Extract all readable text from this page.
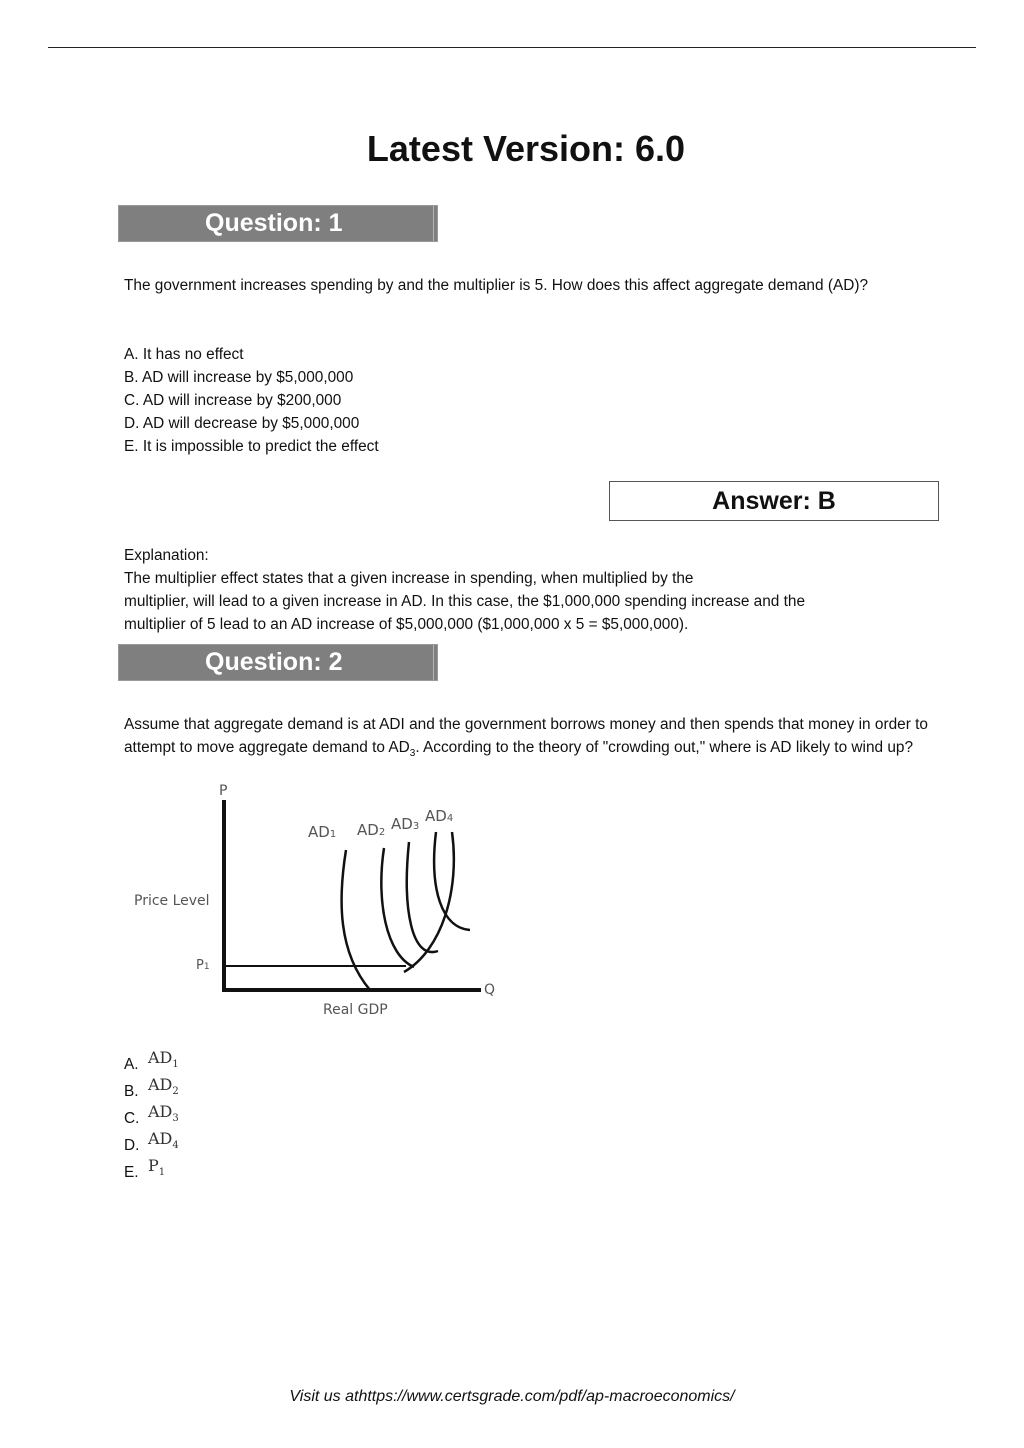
Latest Version: 6.0
Question: 1
The government increases spending by and the multiplier is 5. How does this affect aggregate demand (AD)?
A. It has no effect
B. AD will increase by $5,000,000
C. AD will increase by $200,000
D. AD will decrease by $5,000,000
E. It is impossible to predict the effect
Answer: B
Explanation:
The multiplier effect states that a given increase in spending, when multiplied by the
multiplier, will lead to a given increase in AD. In this case, the $1,000,000 spending increase and the
multiplier of 5 lead to an AD increase of $5,000,000 ($1,000,000 x 5 = $5,000,000).
Question: 2
Assume that aggregate demand is at ADI and the government borrows money and then spends that money in order to attempt to move aggregate demand to $AD_3$. According to the theory of "crowding out," where is AD likely to wind up?
P
Q
Price Level
Real GDP
P1
AD1 AD2 AD3
AD4
A. $AD_1$
B. $AD_2$
C. $AD_3$
D. $AD_4$
E. $P_1$
Visit us athttps://www.certsgrade.com/pdf/ap-macroeconomics/
